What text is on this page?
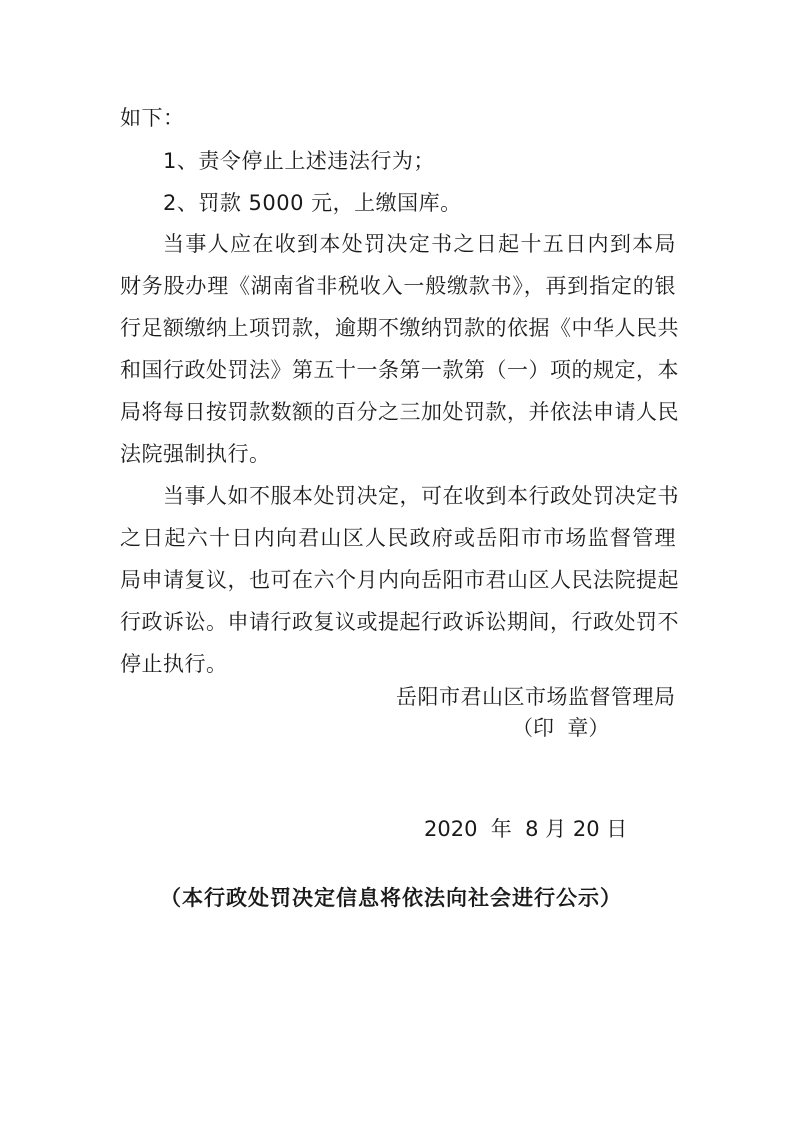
如下：
1、责令停止上述违法行为；
2、罚款 5000 元，上缴国库。
当事人应在收到本处罚决定书之日起十五日内到本局
财务股办理《湖南省非税收入一般缴款书》，再到指定的银
行足额缴纳上项罚款，逾期不缴纳罚款的依据《中华人民共
和国行政处罚法》第五十一条第一款第（一）项的规定，本
局将每日按罚款数额的百分之三加处罚款，并依法申请人民
法院强制执行。
当事人如不服本处罚决定，可在收到本行政处罚决定书
之日起六十日内向君山区人民政府或岳阳市市场监督管理
局申请复议，也可在六个月内向岳阳市君山区人民法院提起
行政诉讼。申请行政复议或提起行政诉讼期间，行政处罚不
停止执行。
岳阳市君山区市场监督管理局
（印  章）
2020  年  8 月 20 日
（本行政处罚决定信息将依法向社会进行公示）
